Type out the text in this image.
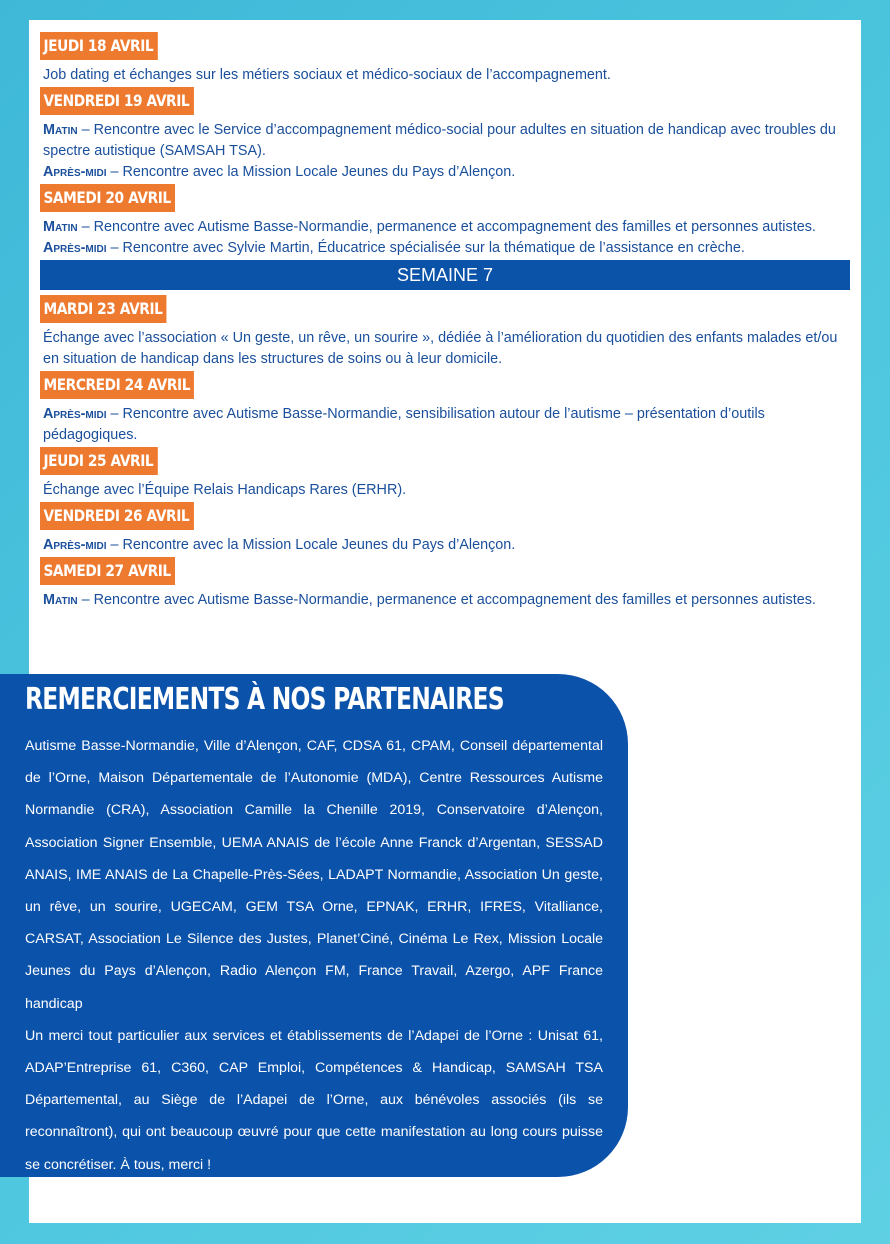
JEUDI 18 AVRIL
Job dating et échanges sur les métiers sociaux et médico-sociaux de l’accompagnement.
VENDREDI 19 AVRIL
Matin – Rencontre avec le Service d’accompagnement médico-social pour adultes en situation de handicap avec troubles du spectre autistique (SAMSAH TSA).
Après-midi – Rencontre avec la Mission Locale Jeunes du Pays d’Alençon.
SAMEDI 20 AVRIL
Matin – Rencontre avec Autisme Basse-Normandie, permanence et accompagnement des familles et personnes autistes.
Après-midi – Rencontre avec Sylvie Martin, Éducatrice spécialisée sur la thématique de l’assistance en crèche.
SEMAINE 7
MARDI 23 AVRIL
Échange avec l’association « Un geste, un rêve, un sourire », dédiée à l’amélioration du quotidien des enfants malades et/ou en situation de handicap dans les structures de soins ou à leur domicile.
MERCREDI 24 AVRIL
Après-midi – Rencontre avec Autisme Basse-Normandie, sensibilisation autour de l’autisme – présentation d’outils pédagogiques.
JEUDI 25 AVRIL
Échange avec l’Équipe Relais Handicaps Rares (ERHR).
VENDREDI 26 AVRIL
Après-midi – Rencontre avec la Mission Locale Jeunes du Pays d’Alençon.
SAMEDI 27 AVRIL
Matin – Rencontre avec Autisme Basse-Normandie, permanence et accompagnement des familles et personnes autistes.
REMERCIEMENTS À NOS PARTENAIRES

Autisme Basse-Normandie, Ville d’Alençon, CAF, CDSA 61, CPAM, Conseil départemental de l’Orne, Maison Départementale de l’Autonomie (MDA), Centre Ressources Autisme Normandie (CRA), Association Camille la Chenille 2019, Conservatoire d’Alençon, Association Signer Ensemble, UEMA ANAIS de l’école Anne Franck d’Argentan, SESSAD ANAIS, IME ANAIS de La Chapelle-Près-Sées, LADAPT Normandie, Association Un geste, un rêve, un sourire, UGECAM, GEM TSA Orne, EPNAK, ERHR, IFRES, Vitalliance, CARSAT, Association Le Silence des Justes, Planet’Ciné, Cinéma Le Rex, Mission Locale Jeunes du Pays d’Alençon, Radio Alençon FM, France Travail, Azergo, APF France handicap

Un merci tout particulier aux services et établissements de l’Adapei de l’Orne : Unisat 61, ADAP’Entreprise 61, C360, CAP Emploi, Compétences & Handicap, SAMSAH TSA Départemental, au Siège de l’Adapei de l’Orne, aux bénévoles associés (ils se reconnaîtront), qui ont beaucoup œuvré pour que cette manifestation au long cours puisse se concrétiser. À tous, merci !
